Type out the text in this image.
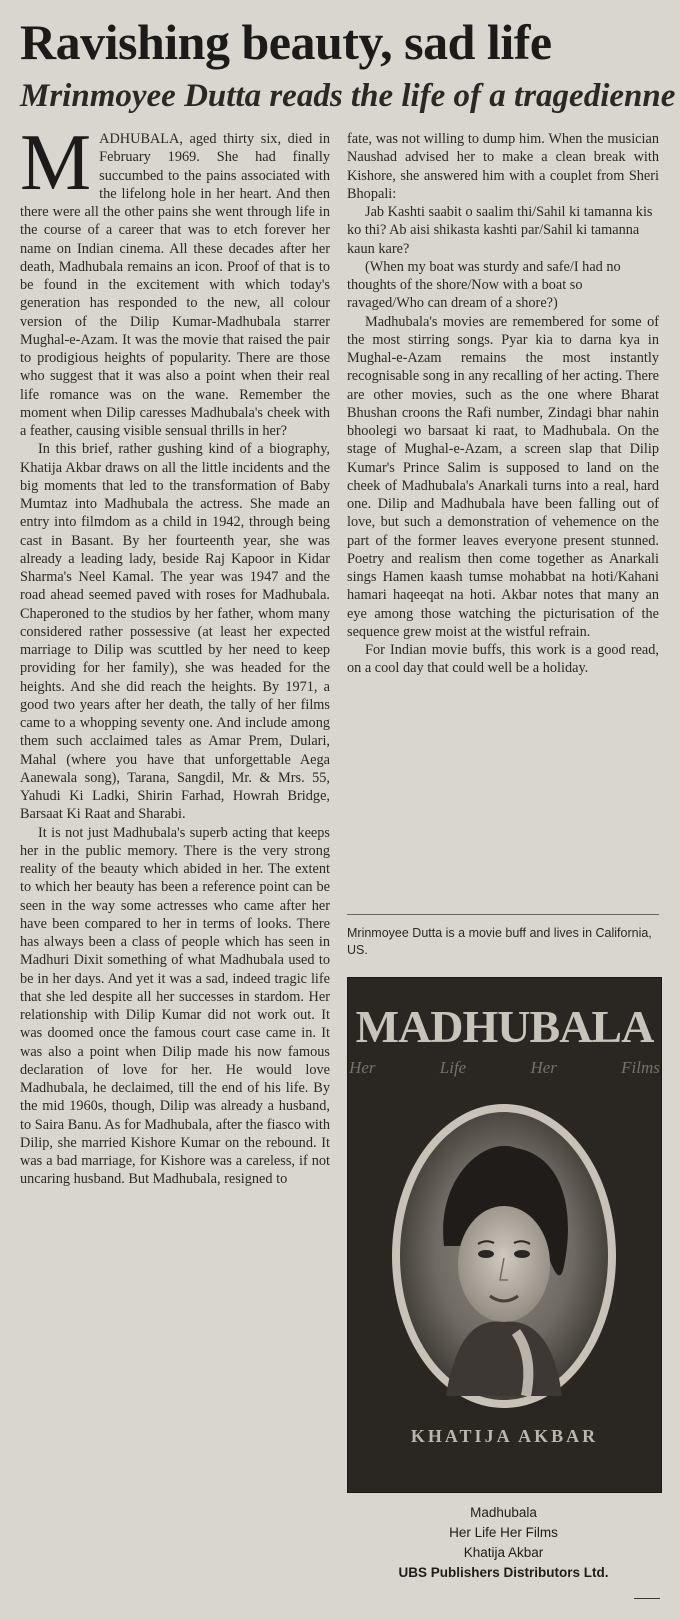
Ravishing beauty, sad life
Mrinmoyee Dutta reads the life of a tragedienne

MADHUBALA, aged thirty six, died in February 1969. She had finally succumbed to the pains associated with the lifelong hole in her heart. And then there were all the other pains she went through life in the course of a career that was to etch forever her name on Indian cinema. All these decades after her death, Madhubala remains an icon. Proof of that is to be found in the excitement with which today's generation has responded to the new, all colour version of the Dilip Kumar-Madhubala starrer Mughal-e-Azam. It was the movie that raised the pair to prodigious heights of popularity. There are those who suggest that it was also a point when their real life romance was on the wane. Remember the moment when Dilip caresses Madhubala's cheek with a feather, causing visible sensual thrills in her?

In this brief, rather gushing kind of a biography, Khatija Akbar draws on all the little incidents and the big moments that led to the transformation of Baby Mumtaz into Madhubala the actress. She made an entry into filmdom as a child in 1942, through being cast in Basant. By her fourteenth year, she was already a leading lady, beside Raj Kapoor in Kidar Sharma's Neel Kamal. The year was 1947 and the road ahead seemed paved with roses for Madhubala. Chaperoned to the studios by her father, whom many considered rather possessive (at least her expected marriage to Dilip was scuttled by her need to keep providing for her family), she was headed for the heights. And she did reach the heights. By 1971, a good two years after her death, the tally of her films came to a whopping seventy one. And include among them such acclaimed tales as Amar Prem, Dulari, Mahal (where you have that unforgettable Aega Aanewala song), Tarana, Sangdil, Mr. & Mrs. 55, Yahudi Ki Ladki, Shirin Farhad, Howrah Bridge, Barsaat Ki Raat and Sharabi.

It is not just Madhubala's superb acting that keeps her in the public memory. There is the very strong reality of the beauty which abided in her. The extent to which her beauty has been a reference point can be seen in the way some actresses who came after her have been compared to her in terms of looks. There has always been a class of people which has seen in Madhuri Dixit something of what Madhubala used to be in her days. And yet it was a sad, indeed tragic life that she led despite all her successes in stardom. Her relationship with Dilip Kumar did not work out. It was doomed once the famous court case came in. It was also a point when Dilip made his now famous declaration of love for her. He would love Madhubala, he declaimed, till the end of his life. By the mid 1960s, though, Dilip was already a husband, to Saira Banu. As for Madhubala, after the fiasco with Dilip, she married Kishore Kumar on the rebound. It was a bad marriage, for Kishore was a careless, if not uncaring husband. But Madhubala, resigned to

fate, was not willing to dump him. When the musician Naushad advised her to make a clean break with Kishore, she answered him with a couplet from Sheri Bhopali:

Jab Kashti saabit o saalim thi/Sahil ki tamanna kis ko thi? Ab aisi shikasta kashti par/Sahil ki tamanna kaun kare?

(When my boat was sturdy and safe/I had no thoughts of the shore/Now with a boat so ravaged/Who can dream of a shore?)

Madhubala's movies are remembered for some of the most stirring songs. Pyar kia to darna kya in Mughal-e-Azam remains the most instantly recognisable song in any recalling of her acting. There are other movies, such as the one where Bharat Bhushan croons the Rafi number, Zindagi bhar nahin bhoolegi wo barsaat ki raat, to Madhubala. On the stage of Mughal-e-Azam, a screen slap that Dilip Kumar's Prince Salim is supposed to land on the cheek of Madhubala's Anarkali turns into a real, hard one. Dilip and Madhubala have been falling out of love, but such a demonstration of vehemence on the part of the former leaves everyone present stunned. Poetry and realism then come together as Anarkali sings Hamen kaash tumse mohabbat na hoti/Kahani hamari haqeeqat na hoti. Akbar notes that many an eye among those watching the picturisation of the sequence grew moist at the wistful refrain.

For Indian movie buffs, this work is a good read, on a cool day that could well be a holiday.

Mrinmoyee Dutta is a movie buff and lives in California, US.
MADHUBALA
Her Life Her Films
KHATIJA AKBAR
Madhubala
Her Life Her Films
Khatija Akbar
UBS Publishers Distributors Ltd.
